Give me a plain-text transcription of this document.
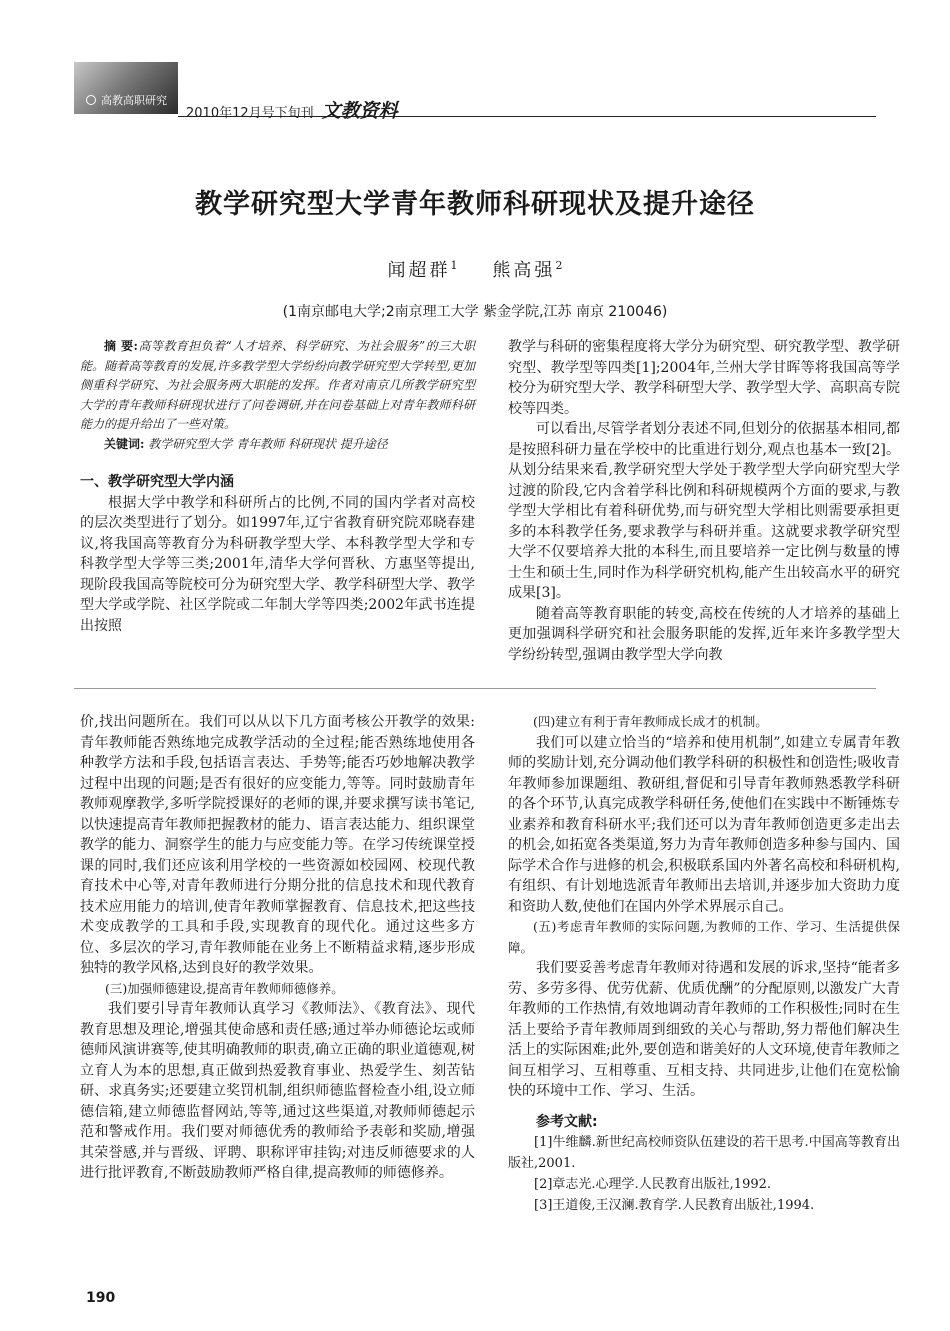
高教高职研究
2010年12月号下旬刊 文教资料
教学研究型大学青年教师科研现状及提升途径
闻超群$^1$ 熊高强$^2$
(1南京邮电大学;2南京理工大学 紫金学院,江苏 南京 210046)

摘 要:高等教育担负着“人才培养、科学研究、为社会服务”的三大职能。随着高等教育的发展,许多教学型大学纷纷向教学研究型大学转型,更加侧重科学研究、为社会服务两大职能的发挥。作者对南京几所教学研究型大学的青年教师科研现状进行了问卷调研,并在问卷基础上对青年教师科研能力的提升给出了一些对策。

关键词: 教学研究型大学 青年教师 科研现状 提升途径

一、教学研究型大学内涵

根据大学中教学和科研所占的比例,不同的国内学者对高校的层次类型进行了划分。如1997年,辽宁省教育研究院邓晓春建议,将我国高等教育分为科研教学型大学、本科教学型大学和专科教学型大学等三类;2001年,清华大学何晋秋、方惠坚等提出,现阶段我国高等院校可分为研究型大学、教学科研型大学、教学型大学或学院、社区学院或二年制大学等四类;2002年武书连提出按照

教学与科研的密集程度将大学分为研究型、研究教学型、教学研究型、教学型等四类[1];2004年,兰州大学甘晖等将我国高等学校分为研究型大学、教学科研型大学、教学型大学、高职高专院校等四类。

可以看出,尽管学者划分表述不同,但划分的依据基本相同,都是按照科研力量在学校中的比重进行划分,观点也基本一致[2]。从划分结果来看,教学研究型大学处于教学型大学向研究型大学过渡的阶段,它内含着学科比例和科研规模两个方面的要求,与教学型大学相比有着科研优势,而与研究型大学相比则需要承担更多的本科教学任务,要求教学与科研并重。这就要求教学研究型大学不仅要培养大批的本科生,而且要培养一定比例与数量的博士生和硕士生,同时作为科学研究机构,能产生出较高水平的研究成果[3]。

随着高等教育职能的转变,高校在传统的人才培养的基础上更加强调科学研究和社会服务职能的发挥,近年来许多教学型大学纷纷转型,强调由教学型大学向教

价,找出问题所在。我们可以从以下几方面考核公开教学的效果:青年教师能否熟练地完成教学活动的全过程;能否熟练地使用各种教学方法和手段,包括语言表达、手势等;能否巧妙地解决教学过程中出现的问题;是否有很好的应变能力,等等。同时鼓励青年教师观摩教学,多听学院授课好的老师的课,并要求撰写读书笔记,以快速提高青年教师把握教材的能力、语言表达能力、组织课堂教学的能力、洞察学生的能力与应变能力等。在学习传统课堂授课的同时,我们还应该利用学校的一些资源如校园网、校现代教育技术中心等,对青年教师进行分期分批的信息技术和现代教育技术应用能力的培训,使青年教师掌握教育、信息技术,把这些技术变成教学的工具和手段,实现教育的现代化。通过这些多方位、多层次的学习,青年教师能在业务上不断精益求精,逐步形成独特的教学风格,达到良好的教学效果。

(三)加强师德建设,提高青年教师师德修养。

我们要引导青年教师认真学习《教师法》、《教育法》、现代教育思想及理论,增强其使命感和责任感;通过举办师德论坛或师德师风演讲赛等,使其明确教师的职责,确立正确的职业道德观,树立育人为本的思想,真正做到热爱教育事业、热爱学生、刻苦钻研、求真务实;还要建立奖罚机制,组织师德监督检查小组,设立师德信箱,建立师德监督网站,等等,通过这些渠道,对教师师德起示范和警戒作用。我们要对师德优秀的教师给予表彰和奖励,增强其荣誉感,并与晋级、评聘、职称评审挂钩;对违反师德要求的人进行批评教育,不断鼓励教师严格自律,提高教师的师德修养。

(四)建立有利于青年教师成长成才的机制。

我们可以建立恰当的“培养和使用机制”,如建立专属青年教师的奖励计划,充分调动他们教学科研的积极性和创造性;吸收青年教师参加课题组、教研组,督促和引导青年教师熟悉教学科研的各个环节,认真完成教学科研任务,使他们在实践中不断锤炼专业素养和教育科研水平;我们还可以为青年教师创造更多走出去的机会,如拓宽各类渠道,努力为青年教师创造多种参与国内、国际学术合作与进修的机会,积极联系国内外著名高校和科研机构,有组织、有计划地选派青年教师出去培训,并逐步加大资助力度和资助人数,使他们在国内外学术界展示自己。

(五)考虑青年教师的实际问题,为教师的工作、学习、生活提供保障。

我们要妥善考虑青年教师对待遇和发展的诉求,坚持“能者多劳、多劳多得、优劳优薪、优质优酬”的分配原则,以激发广大青年教师的工作热情,有效地调动青年教师的工作积极性;同时在生活上要给予青年教师周到细致的关心与帮助,努力帮他们解决生活上的实际困难;此外,要创造和谐美好的人文环境,使青年教师之间互相学习、互相尊重、互相支持、共同进步,让他们在宽松愉快的环境中工作、学习、生活。

参考文献:

[1]牛维麟.新世纪高校师资队伍建设的若干思考.中国高等教育出版社,2001.

[2]章志光.心理学.人民教育出版社,1992.

[3]王道俊,王汉澜.教育学.人民教育出版社,1994.

190
